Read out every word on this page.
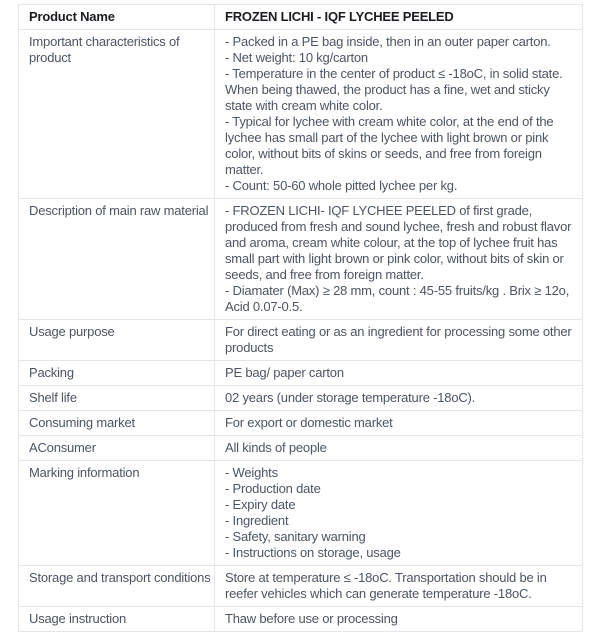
Product Name	FROZEN LICHI - IQF LYCHEE PEELED
Important characteristics of product	- Packed in a PE bag inside, then in an outer paper carton.
- Net weight: 10 kg/carton
- Temperature in the center of product ≤ -18oC, in solid state. When being thawed, the product has a fine, wet and sticky state with cream white color.
- Typical for lychee with cream white color, at the end of the lychee has small part of the lychee with light brown or pink color, without bits of skins or seeds, and free from foreign matter.
- Count: 50-60 whole pitted lychee per kg.

Description of main raw material	- FROZEN LICHI- IQF LYCHEE PEELED of first grade, produced from fresh and sound lychee, fresh and robust flavor and aroma, cream white colour, at the top of lychee fruit has small part with light brown or pink color, without bits of skin or seeds, and free from foreign matter.
- Diamater (Max) ≥ 28 mm, count : 45-55 fruits/kg . Brix ≥ 12o, Acid 0.07-0.5.

Usage purpose	For direct eating or as an ingredient for processing some other products

Packing	PE bag/ paper carton

Shelf life	02 years (under storage temperature -18oC).

Consuming market	For export or domestic market

AConsumer	All kinds of people

Marking information	- Weights
- Production date
- Expiry date
- Ingredient
- Safety, sanitary warning
- Instructions on storage, usage

Storage and transport conditions	Store at temperature ≤ -18oC. Transportation should be in reefer vehicles which can generate temperature -18oC.

Usage instruction	Thaw before use or processing
